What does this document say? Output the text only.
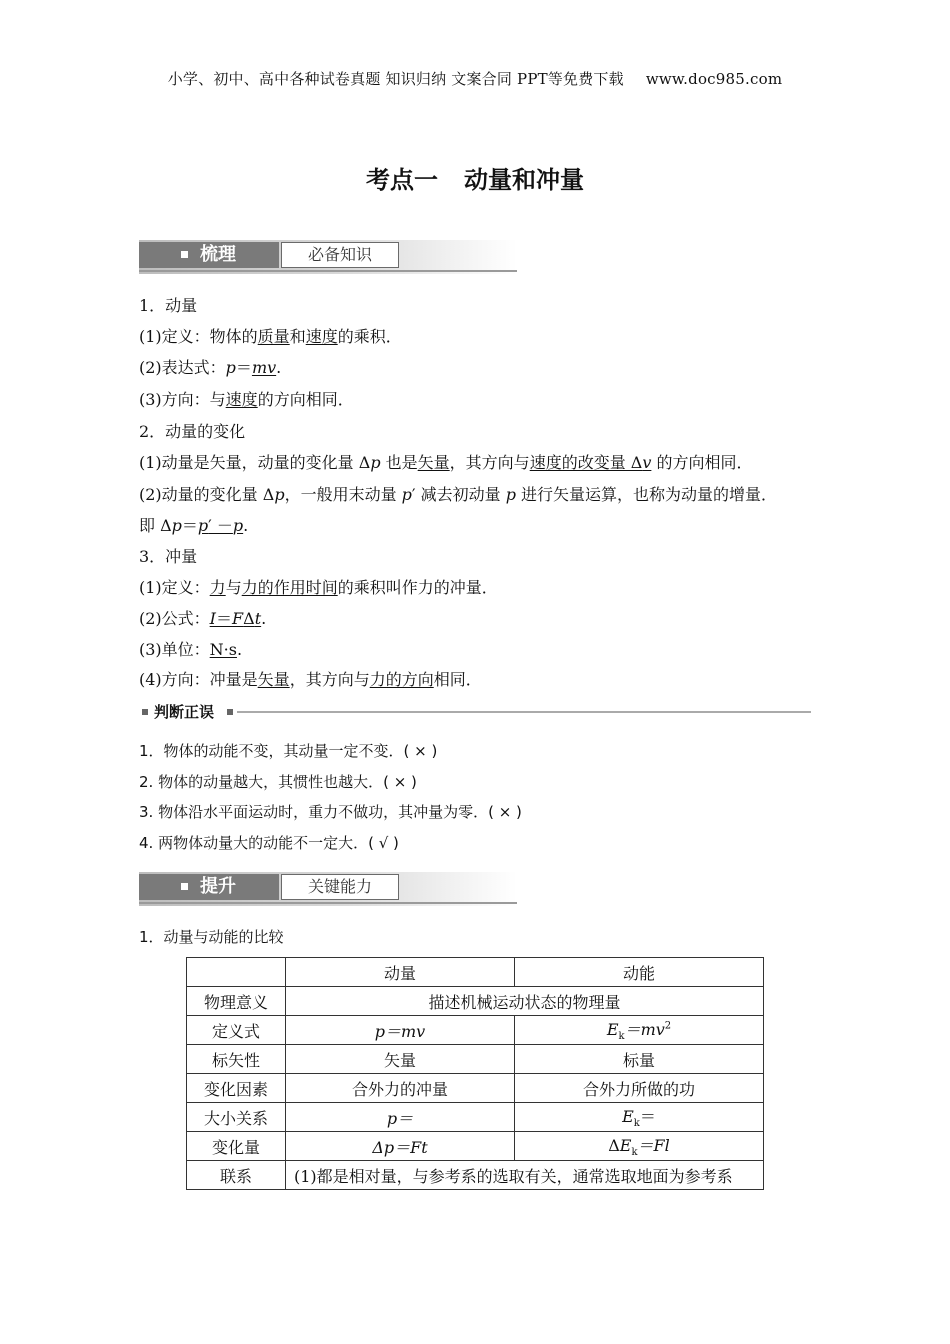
小学、初中、高中各种试卷真题 知识归纳 文案合同 PPT等免费下载 www.doc985.com
考点一 动量和冲量
梳理	必备知识
1．动量
(1)定义：物体的质量和速度的乘积．
(2)表达式：p＝mv.
(3)方向：与速度的方向相同．
2．动量的变化
(1)动量是矢量，动量的变化量 Δp 也是矢量，其方向与速度的改变量 Δv 的方向相同．
(2)动量的变化量 Δp，一般用末动量 p′ 减去初动量 p 进行矢量运算，也称为动量的增量．
即 Δp＝p′ －p.
3．冲量
(1)定义：力与力的作用时间的乘积叫作力的冲量．
(2)公式：I＝FΔt.
(3)单位：N·s.
(4)方向：冲量是矢量，其方向与力的方向相同．
判断正误
1．物体的动能不变，其动量一定不变．( × )
2. 物体的动量越大，其惯性也越大．( × )
3. 物体沿水平面运动时，重力不做功，其冲量为零．( × )
4. 两物体动量大的动能不一定大．( √ )
提升	关键能力
1．动量与动能的比较
	动量	动能
物理意义	描述机械运动状态的物理量	
定义式	p＝mv	$E_k=mv^2$
标矢性	矢量	标量
变化因素	合外力的冲量	合外力所做的功
大小关系	p＝	$E_k=$
变化量	Δp＝Ft	$\Delta E_k=Fl$
联系	(1)都是相对量，与参考系的选取有关，通常选取地面为参考系	
